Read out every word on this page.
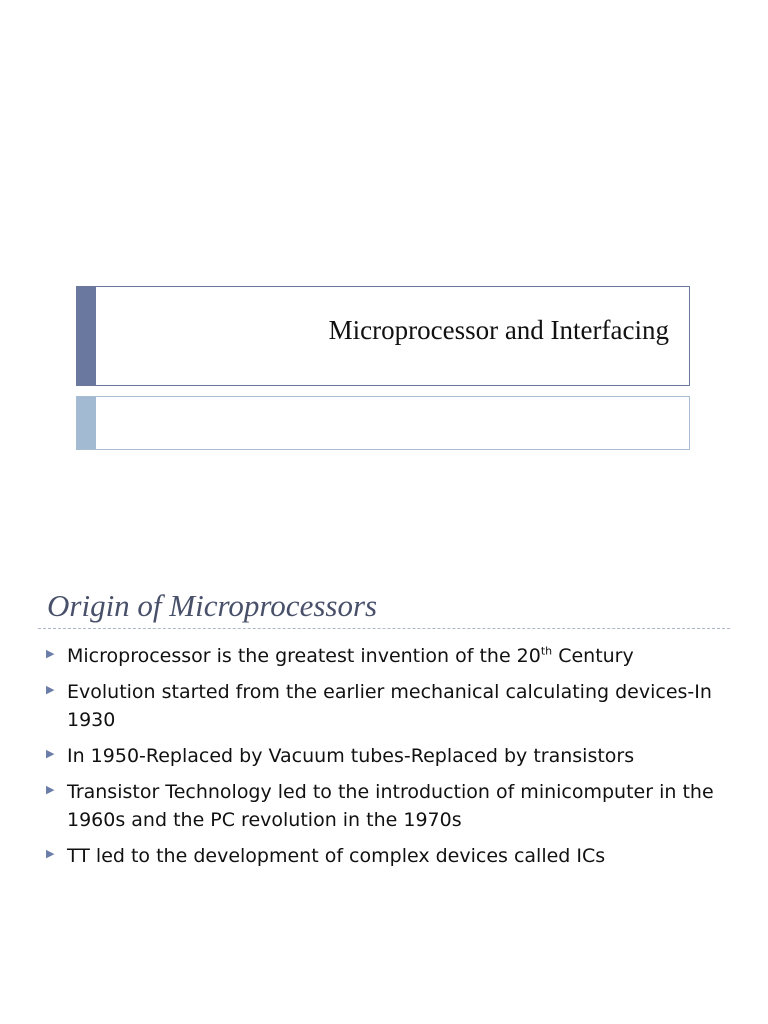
Microprocessor and Interfacing
Origin of Microprocessors
▶ Microprocessor is the greatest invention of the 20th Century
▶ Evolution started from the earlier mechanical calculating devices-In 1930
▶ In 1950-Replaced by Vacuum tubes-Replaced by transistors
▶ Transistor Technology led to the introduction of minicomputer in the 1960s and the PC revolution in the 1970s
▶ TT led to the development of complex devices called ICs
